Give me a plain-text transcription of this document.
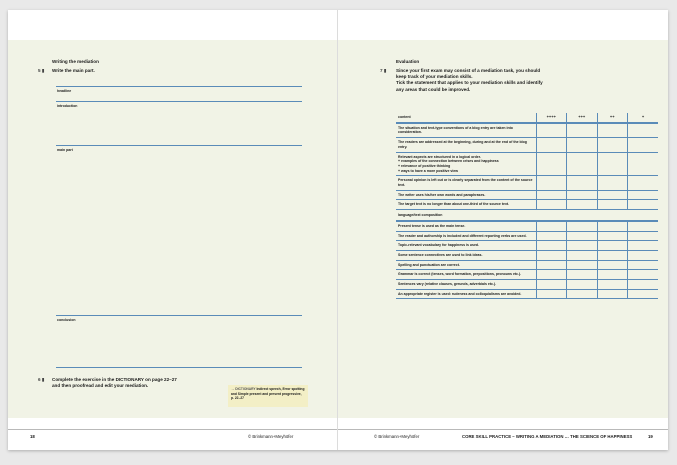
Writing the mediation
5 ▮ Write the main part.
headline
introduction
main part
conclusion
6 ▮ Complete the exercise in the DICTIONARY on page 22–27
and then proofread and edit your mediation.
→ DICTIONARY Indirect speech, Error spotting and Simple present and present progressive, p. 22–27
18	© Brinkmann+Meyhöfer
Evaluation
7 ▮ Since your first exam may consist of a mediation task, you should
keep track of your mediation skills.
Tick the statement that applies to your mediation skills and identify
any areas that could be improved.
content	++++	+++	++	+
The situation and text-type conventions of a blog entry are taken into consideration.				
The readers are addressed at the beginning, during and at the end of the blog entry.				
Relevant aspects are structured in a logical order.
+ examples of the connection between crises and happiness
+ relevance of positive thinking
+ ways to have a more positive view				

Personal opinion is left out or is clearly separated from the content of the source text.				
The writer uses his/her own words and paraphrases.				
The target text is no longer than about one-third of the source text.				
language/text composition				
Present tense is used as the main tense.				
The reader and authorship is included and different reporting verbs are used.				
Topic-relevant vocabulary for happiness is used.				
Some sentence connectives are used to link ideas.				
Spelling and punctuation are correct.				
Grammar is correct (tenses, word formation, prepositions, pronouns etc.).				
Sentences vary (relative clauses, gerunds, adverbials etc.).				
An appropriate register is used: rudeness and colloquialisms are avoided.				
© Brinkmann+Meyhöfer	CORE SKILL PRACTICE – WRITING A MEDIATION … THE SCIENCE OF HAPPINESS	19
